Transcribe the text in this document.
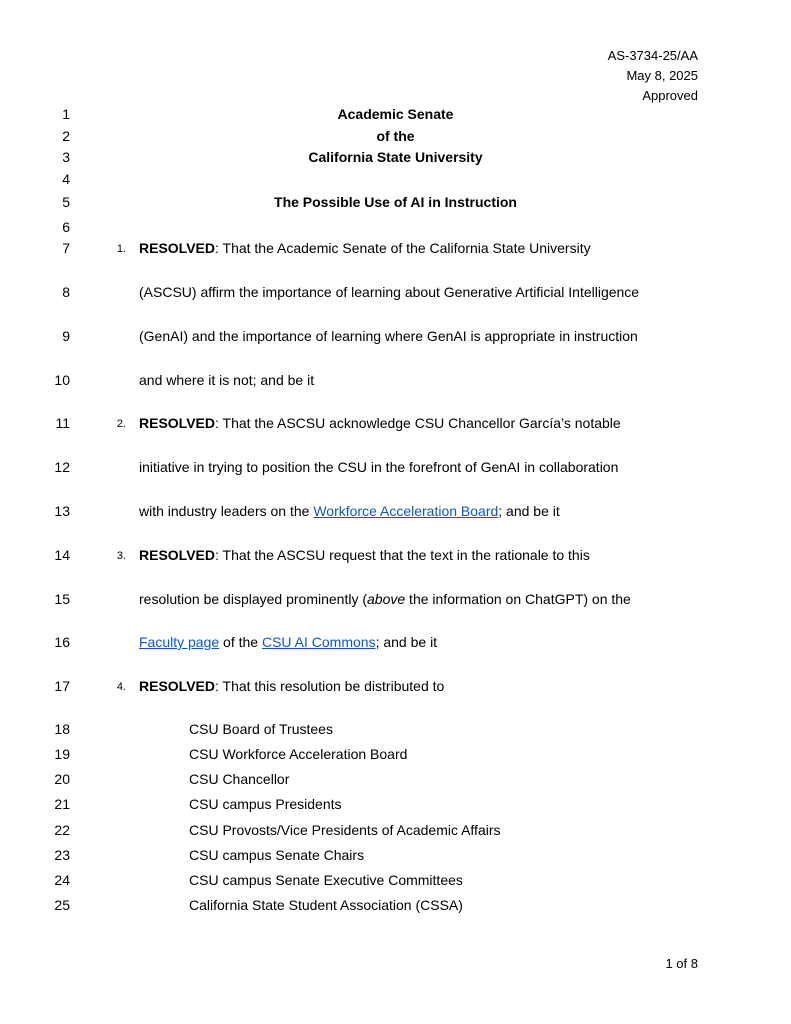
AS-3734-25/AA
May 8, 2025
Approved
1
2
3
4
5
6
7
8
9
10
11
12
13
14
15
16
17
18
19
20
21
22
23
24
25
Academic Senate
of the
California State University
The Possible Use of AI in Instruction
1. RESOLVED: That the Academic Senate of the California State University
(ASCSU) affirm the importance of learning about Generative Artificial Intelligence
(GenAI) and the importance of learning where GenAI is appropriate in instruction
and where it is not; and be it
2. RESOLVED: That the ASCSU acknowledge CSU Chancellor García’s notable
initiative in trying to position the CSU in the forefront of GenAI in collaboration
with industry leaders on the Workforce Acceleration Board; and be it
3. RESOLVED: That the ASCSU request that the text in the rationale to this
resolution be displayed prominently (above the information on ChatGPT) on the
Faculty page of the CSU AI Commons; and be it
4. RESOLVED: That this resolution be distributed to
CSU Board of Trustees
CSU Workforce Acceleration Board
CSU Chancellor
CSU campus Presidents
CSU Provosts/Vice Presidents of Academic Affairs
CSU campus Senate Chairs
CSU campus Senate Executive Committees
California State Student Association (CSSA)
1 of 8
